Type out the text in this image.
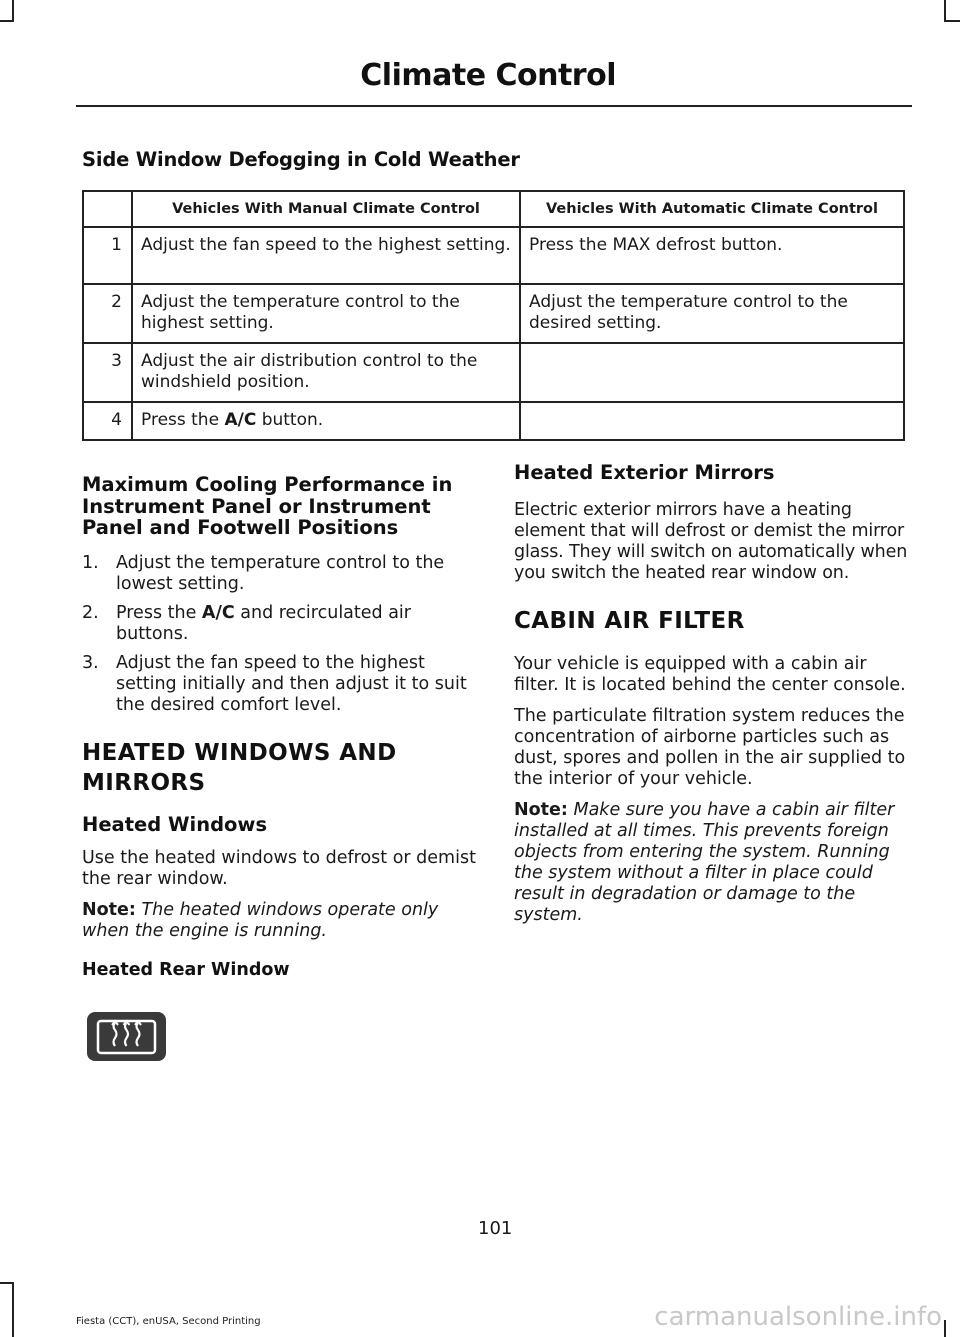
Climate Control
Side Window Defogging in Cold Weather
	Vehicles With Manual Climate Control	Vehicles With Automatic Climate Control
1	Adjust the fan speed to the highest setting.	Press the MAX defrost button.
2	Adjust the temperature control to the highest setting.	Adjust the temperature control to the desired setting.
3	Adjust the air distribution control to the windshield position.	
4	Press the A/C button.	
Maximum Cooling Performance in Instrument Panel or Instrument Panel and Footwell Positions
1. Adjust the temperature control to the lowest setting.
2. Press the A/C and recirculated air buttons.
3. Adjust the fan speed to the highest setting initially and then adjust it to suit the desired comfort level.
HEATED WINDOWS AND MIRRORS
Heated Windows

Use the heated windows to defrost or demist the rear window.

Note: The heated windows operate only when the engine is running.

Heated Rear Window
Heated Exterior Mirrors

Electric exterior mirrors have a heating element that will defrost or demist the mirror glass. They will switch on automatically when you switch the heated rear window on.

CABIN AIR FILTER

Your vehicle is equipped with a cabin air filter. It is located behind the center console.

The particulate filtration system reduces the concentration of airborne particles such as dust, spores and pollen in the air supplied to the interior of your vehicle.

Note: Make sure you have a cabin air filter installed at all times. This prevents foreign objects from entering the system. Running the system without a filter in place could result in degradation or damage to the system.

101
Fiesta (CCT), enUSA, Second Printing	carmanualsonline.info
